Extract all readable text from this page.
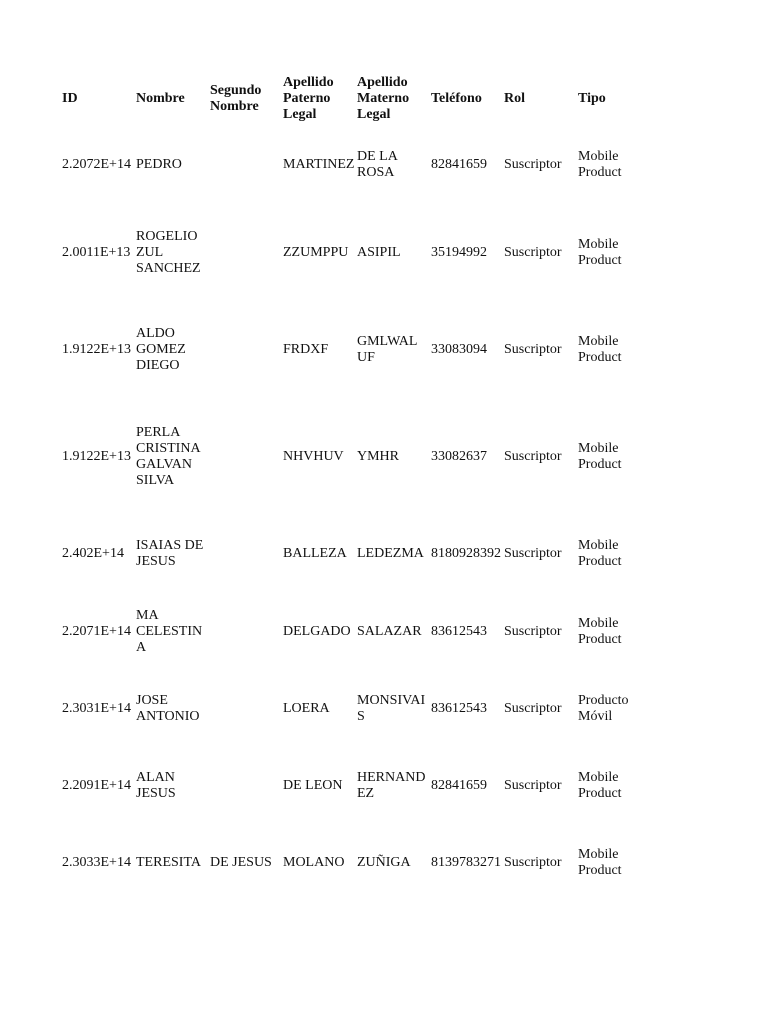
ID	Nombre	Segundo Nombre	Apellido Paterno Legal	Apellido Materno Legal	Teléfono	Rol	Tipo
2.2072E+14	PEDRO		MARTINEZ	DE LA ROSA	82841659	Suscriptor	Mobile Product
2.0011E+13	ROGELIO ZUL SANCHEZ		ZZUMPPU	ASIPIL	35194992	Suscriptor	Mobile Product
1.9122E+13	ALDO GOMEZ DIEGO		FRDXF	GMLWAL UF	33083094	Suscriptor	Mobile Product
1.9122E+13	PERLA CRISTINA GALVAN SILVA		NHVHUV	YMHR	33082637	Suscriptor	Mobile Product
2.402E+14	ISAIAS DE JESUS		BALLEZA	LEDEZMA	8180928392	Suscriptor	Mobile Product
2.2071E+14	MA CELESTIN A		DELGADO	SALAZAR	83612543	Suscriptor	Mobile Product
2.3031E+14	JOSE ANTONIO		LOERA	MONSIVAI S	83612543	Suscriptor	Producto Móvil
2.2091E+14	ALAN JESUS		DE LEON	HERNAND EZ	82841659	Suscriptor	Mobile Product
2.3033E+14	TERESITA	DE JESUS	MOLANO	ZUÑIGA	8139783271	Suscriptor	Mobile Product
